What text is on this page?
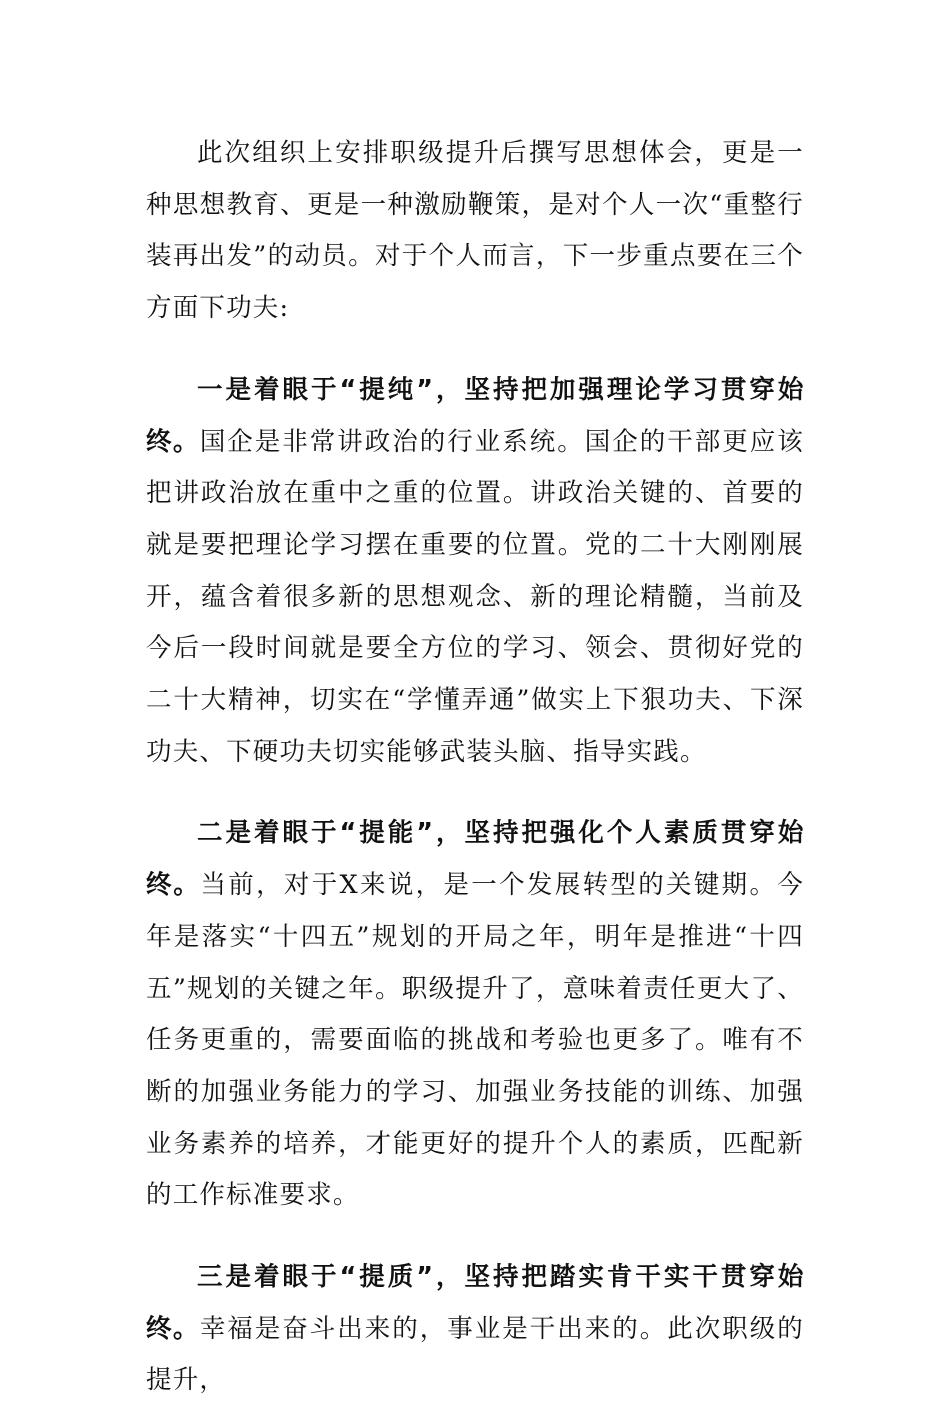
此次组织上安排职级提升后撰写思想体会，更是一种思想教育、更是一种激励鞭策，是对个人一次“重整行装再出发”的动员。对于个人而言，下一步重点要在三个方面下功夫:

一是着眼于“提纯”，坚持把加强理论学习贯穿始终。国企是非常讲政治的行业系统。国企的干部更应该把讲政治放在重中之重的位置。讲政治关键的、首要的就是要把理论学习摆在重要的位置。党的二十大刚刚展开，蕴含着很多新的思想观念、新的理论精髓，当前及今后一段时间就是要全方位的学习、领会、贯彻好党的二十大精神，切实在“学懂弄通”做实上下狠功夫、下深功夫、下硬功夫切实能够武装头脑、指导实践。

二是着眼于“提能”，坚持把强化个人素质贯穿始终。当前，对于X来说，是一个发展转型的关键期。今年是落实“十四五”规划的开局之年，明年是推进“十四五”规划的关键之年。职级提升了，意味着责任更大了、任务更重的，需要面临的挑战和考验也更多了。唯有不断的加强业务能力的学习、加强业务技能的训练、加强业务素养的培养，才能更好的提升个人的素质，匹配新的工作标准要求。

三是着眼于“提质”，坚持把踏实肯干实干贯穿始终。幸福是奋斗出来的，事业是干出来的。此次职级的提升，
